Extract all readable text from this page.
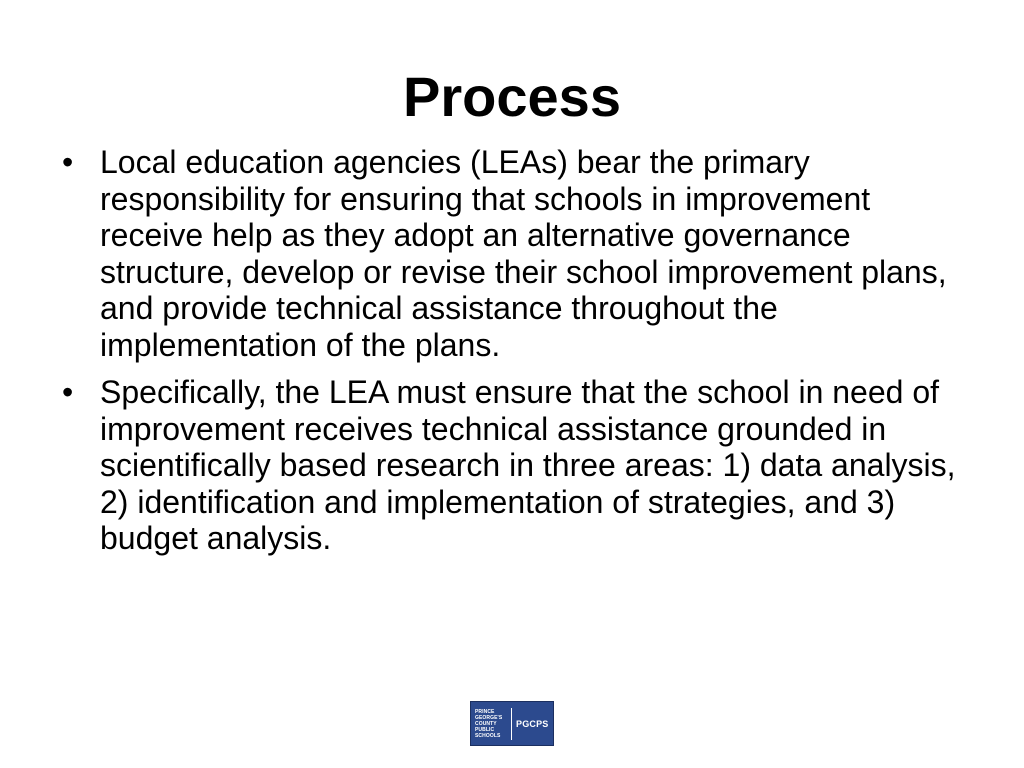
Process
• Local education agencies (LEAs) bear the primary responsibility for ensuring that schools in improvement receive help as they adopt an alternative governance structure, develop or revise their school improvement plans, and provide technical assistance throughout the implementation of the plans.
• Specifically, the LEA must ensure that the school in need of improvement receives technical assistance grounded in scientifically based research in three areas: 1) data analysis, 2) identification and implementation of strategies, and 3) budget analysis.
PRINCE
GEORGE'S
COUNTY
PUBLIC
SCHOOLS
PGCPS
